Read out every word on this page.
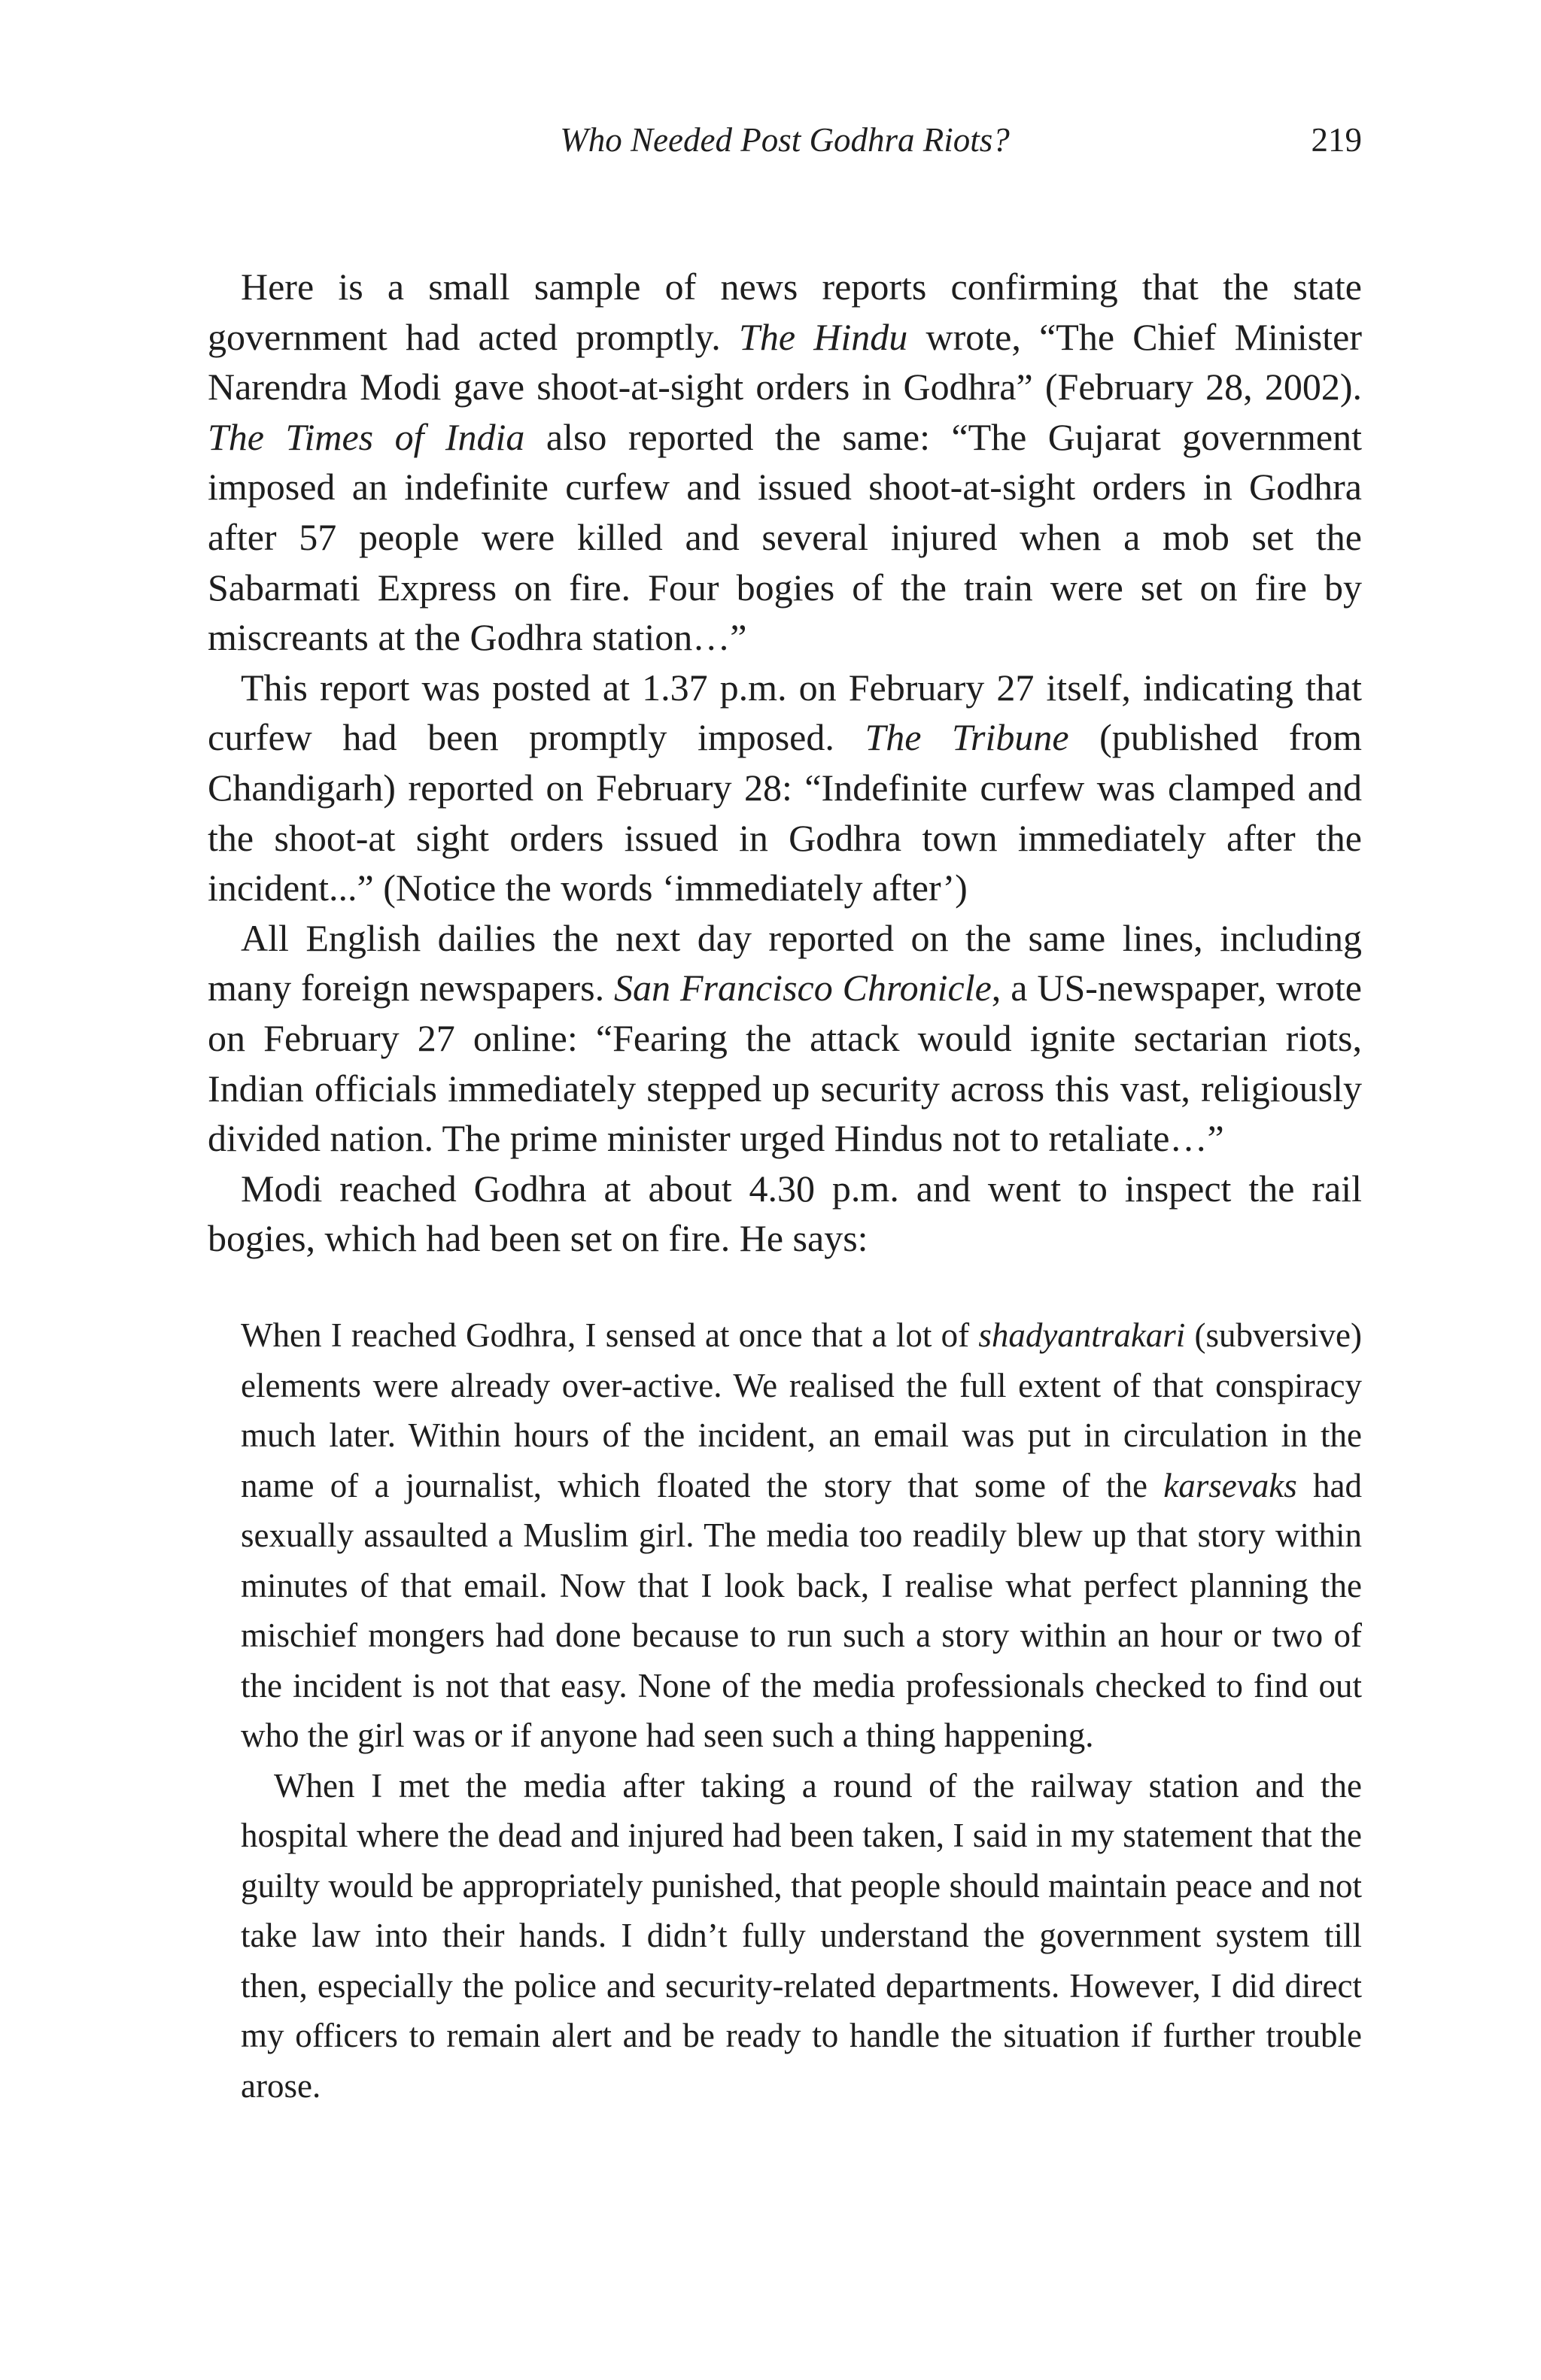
Who Needed Post Godhra Riots?	219

Here is a small sample of news reports confirming that the state government had acted promptly. The Hindu wrote, “The Chief Minister Narendra Modi gave shoot-at-sight orders in Godhra” (February 28, 2002). The Times of India also reported the same: “The Gujarat government imposed an indefinite curfew and issued shoot-at-sight orders in Godhra after 57 people were killed and several injured when a mob set the Sabarmati Express on fire. Four bogies of the train were set on fire by miscreants at the Godhra station…”

This report was posted at 1.37 p.m. on February 27 itself, indicating that curfew had been promptly imposed. The Tribune (published from Chandigarh) reported on February 28: “Indefinite curfew was clamped and the shoot-at sight orders issued in Godhra town immediately after the incident...” (Notice the words ‘immediately after’)

All English dailies the next day reported on the same lines, including many foreign newspapers. San Francisco Chronicle, a US-newspaper, wrote on February 27 online: “Fearing the attack would ignite sectarian riots, Indian officials immediately stepped up security across this vast, religiously divided nation. The prime minister urged Hindus not to retaliate…”

Modi reached Godhra at about 4.30 p.m. and went to inspect the rail bogies, which had been set on fire. He says:

When I reached Godhra, I sensed at once that a lot of shadyantrakari (subversive) elements were already over-active. We realised the full extent of that conspiracy much later. Within hours of the incident, an email was put in circulation in the name of a journalist, which floated the story that some of the karsevaks had sexually assaulted a Muslim girl. The media too readily blew up that story within minutes of that email. Now that I look back, I realise what perfect planning the mischief mongers had done because to run such a story within an hour or two of the incident is not that easy. None of the media professionals checked to find out who the girl was or if anyone had seen such a thing happening.

When I met the media after taking a round of the railway station and the hospital where the dead and injured had been taken, I said in my statement that the guilty would be appropriately punished, that people should maintain peace and not take law into their hands. I didn’t fully understand the government system till then, especially the police and security-related departments. However, I did direct my officers to remain alert and be ready to handle the situation if further trouble arose.
